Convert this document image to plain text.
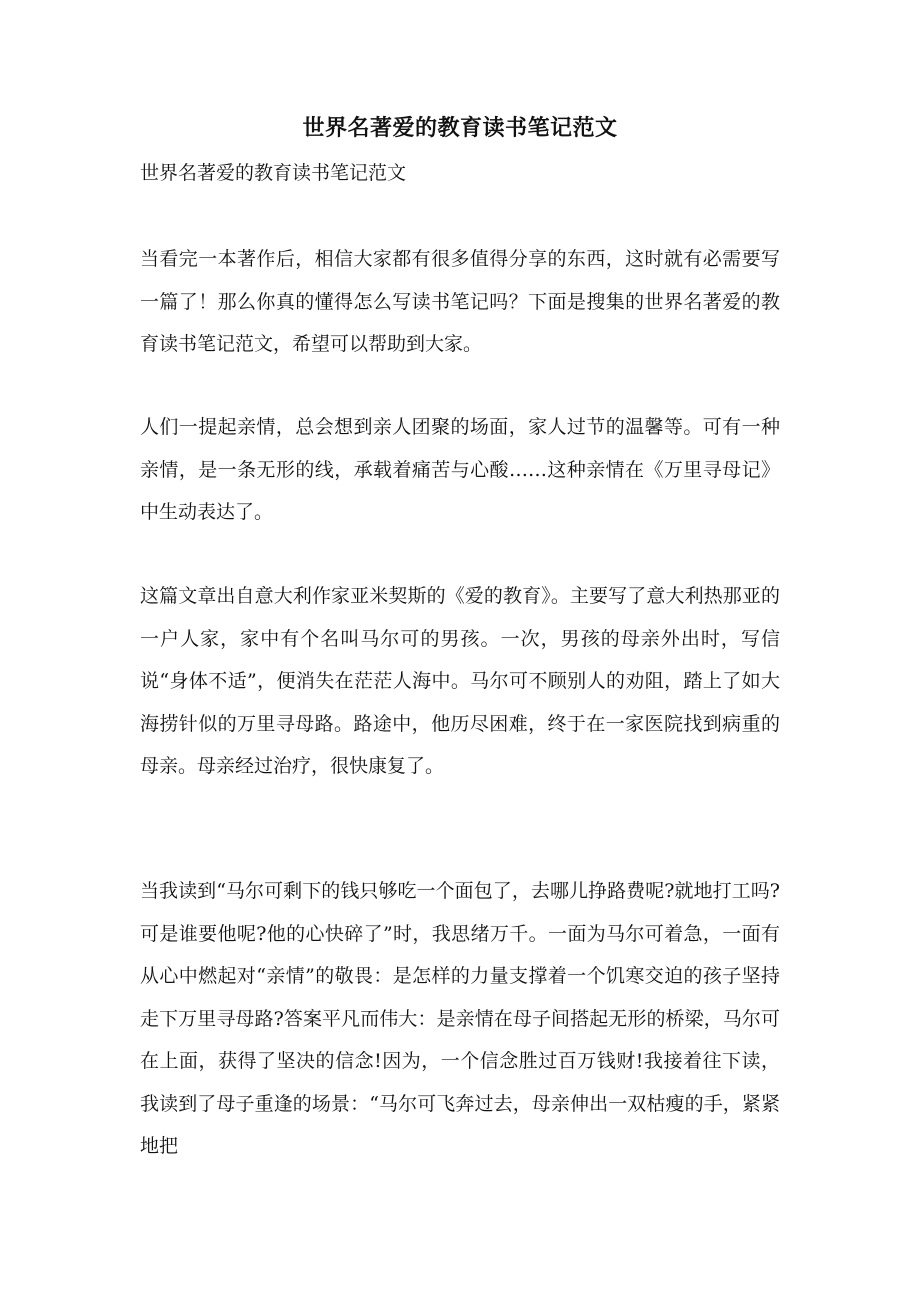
世界名著爱的教育读书笔记范文
世界名著爱的教育读书笔记范文

当看完一本著作后，相信大家都有很多值得分享的东西，这时就有必需要写一篇了！那么你真的懂得怎么写读书笔记吗？下面是搜集的世界名著爱的教育读书笔记范文，希望可以帮助到大家。

人们一提起亲情，总会想到亲人团聚的场面，家人过节的温馨等。可有一种亲情，是一条无形的线，承载着痛苦与心酸……这种亲情在《万里寻母记》中生动表达了。

这篇文章出自意大利作家亚米契斯的《爱的教育》。主要写了意大利热那亚的一户人家，家中有个名叫马尔可的男孩。一次，男孩的母亲外出时，写信说“身体不适”，便消失在茫茫人海中。马尔可不顾别人的劝阻，踏上了如大海捞针似的万里寻母路。路途中，他历尽困难，终于在一家医院找到病重的母亲。母亲经过治疗，很快康复了。

当我读到“马尔可剩下的钱只够吃一个面包了，去哪儿挣路费呢?就地打工吗?可是谁要他呢?他的心快碎了”时，我思绪万千。一面为马尔可着急，一面有从心中燃起对“亲情”的敬畏：是怎样的力量支撑着一个饥寒交迫的孩子坚持走下万里寻母路?答案平凡而伟大：是亲情在母子间搭起无形的桥梁，马尔可在上面，获得了坚决的信念!因为，一个信念胜过百万钱财!我接着往下读，我读到了母子重逢的场景：“马尔可飞奔过去，母亲伸出一双枯瘦的手，紧紧地把
